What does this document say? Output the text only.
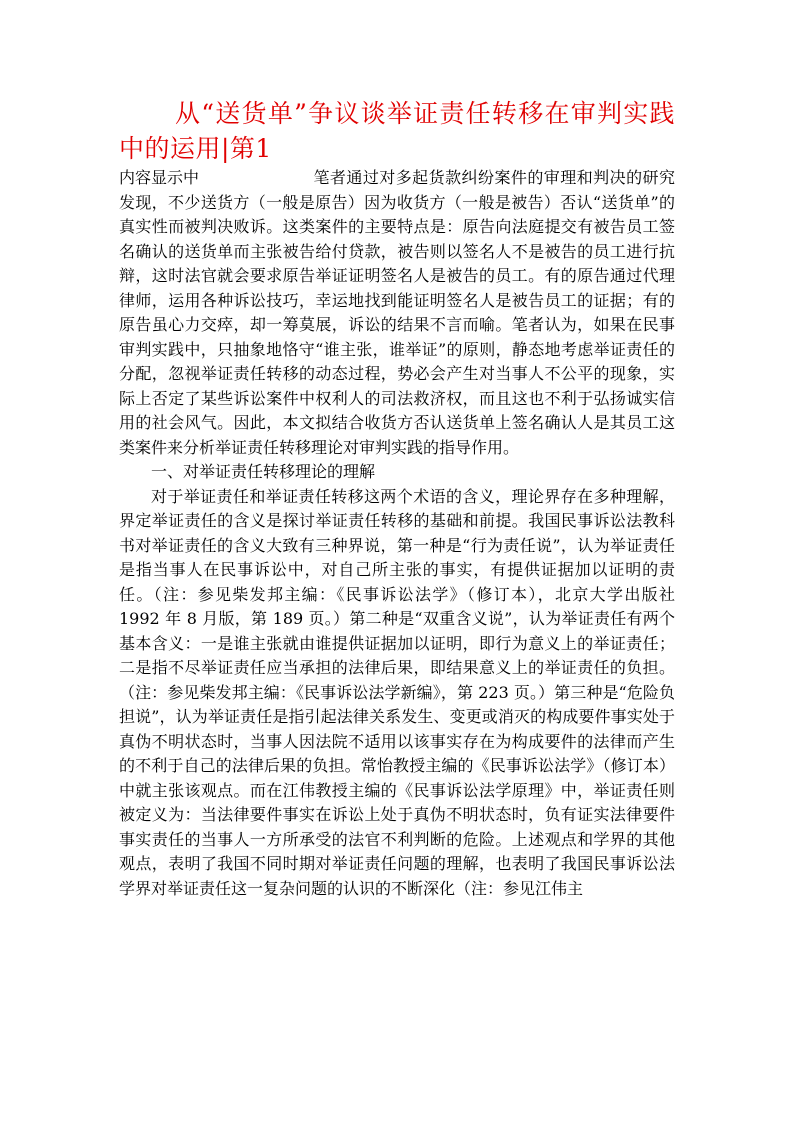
从“送货单”争议谈举证责任转移在审判实践中的运用|第1

内容显示中	笔者通过对多起货款纠纷案件的审理和判决的研究发现，不少送货方（一般是原告）因为收货方（一般是被告）否认“送货单”的真实性而被判决败诉。这类案件的主要特点是：原告向法庭提交有被告员工签名确认的送货单而主张被告给付贷款，被告则以签名人不是被告的员工进行抗辩，这时法官就会要求原告举证证明签名人是被告的员工。有的原告通过代理律师，运用各种诉讼技巧，幸运地找到能证明签名人是被告员工的证据；有的原告虽心力交瘁，却一筹莫展，诉讼的结果不言而喻。笔者认为，如果在民事审判实践中，只抽象地恪守“谁主张，谁举证”的原则，静态地考虑举证责任的分配，忽视举证责任转移的动态过程，势必会产生对当事人不公平的现象，实际上否定了某些诉讼案件中权利人的司法救济权，而且这也不利于弘扬诚实信用的社会风气。因此，本文拟结合收货方否认送货单上签名确认人是其员工这类案件来分析举证责任转移理论对审判实践的指导作用。

一、对举证责任转移理论的理解

对于举证责任和举证责任转移这两个术语的含义，理论界存在多种理解，界定举证责任的含义是探讨举证责任转移的基础和前提。我国民事诉讼法教科书对举证责任的含义大致有三种界说，第一种是“行为责任说”，认为举证责任是指当事人在民事诉讼中，对自己所主张的事实，有提供证据加以证明的责任。（注：参见柴发邦主编：《民事诉讼法学》（修订本），北京大学出版社 1992 年 8 月版，第 189 页。）第二种是“双重含义说”，认为举证责任有两个基本含义：一是谁主张就由谁提供证据加以证明，即行为意义上的举证责任；二是指不尽举证责任应当承担的法律后果，即结果意义上的举证责任的负担。（注：参见柴发邦主编：《民事诉讼法学新编》，第 223 页。）第三种是“危险负担说”，认为举证责任是指引起法律关系发生、变更或消灭的构成要件事实处于真伪不明状态时，当事人因法院不适用以该事实存在为构成要件的法律而产生的不利于自己的法律后果的负担。常怡教授主编的《民事诉讼法学》（修订本）中就主张该观点。而在江伟教授主编的《民事诉讼法学原理》中，举证责任则被定义为：当法律要件事实在诉讼上处于真伪不明状态时，负有证实法律要件事实责任的当事人一方所承受的法官不利判断的危险。上述观点和学界的其他观点，表明了我国不同时期对举证责任问题的理解，也表明了我国民事诉讼法学界对举证责任这一复杂问题的认识的不断深化（注：参见江伟主
